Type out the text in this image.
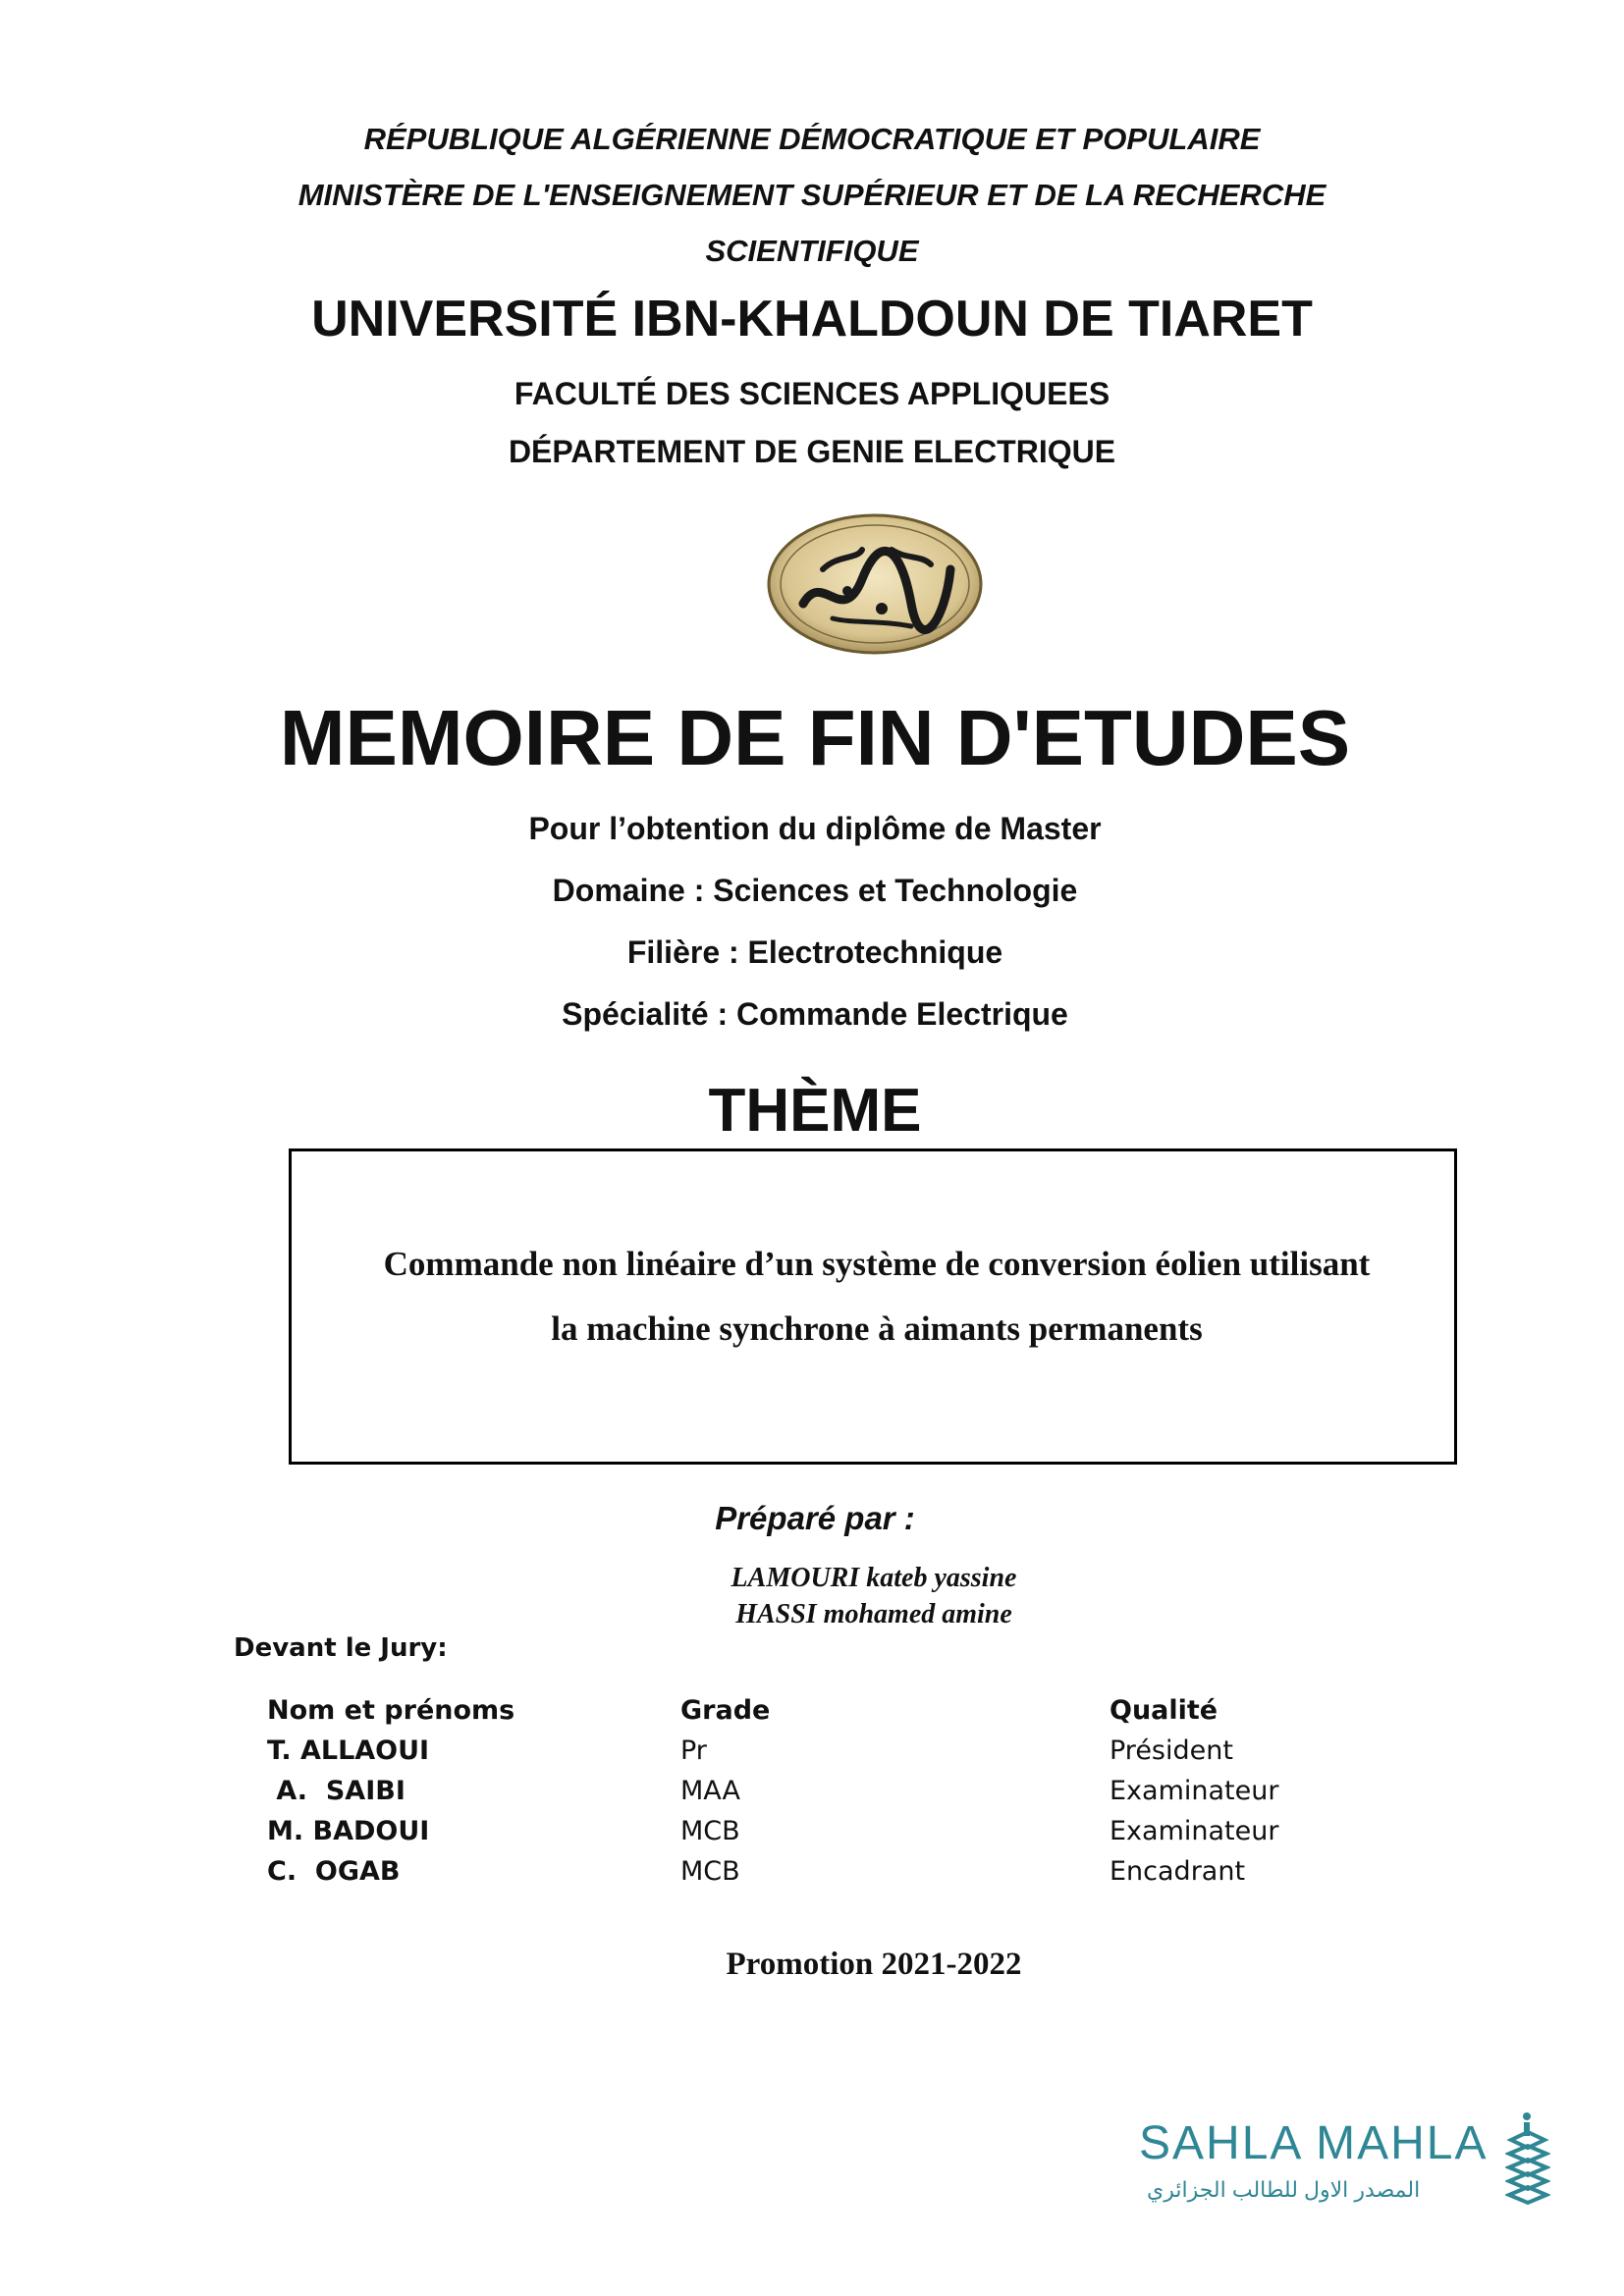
RÉPUBLIQUE ALGÉRIENNE DÉMOCRATIQUE ET POPULAIRE
MINISTÈRE DE L'ENSEIGNEMENT SUPÉRIEUR ET DE LA RECHERCHE
SCIENTIFIQUE
UNIVERSITÉ IBN-KHALDOUN DE TIARET
FACULTÉ DES SCIENCES APPLIQUEES
DÉPARTEMENT DE GENIE ELECTRIQUE
MEMOIRE DE FIN D'ETUDES
Pour l’obtention du diplôme de Master
Domaine : Sciences et Technologie
Filière : Electrotechnique
Spécialité : Commande Electrique
THÈME
Commande non linéaire d’un système de conversion éolien utilisant
la machine synchrone à aimants permanents
Préparé par :
LAMOURI kateb yassine
HASSI mohamed amine
Devant le Jury:
Nom et prénoms	Grade	Qualité
T. ALLAOUI	Pr	Président
A.  SAIBI	MAA	Examinateur
M. BADOUI	MCB	Examinateur
C.  OGAB	MCB	Encadrant
Promotion 2021-2022
SAHLA MAHLA
المصدر الاول للطالب الجزائري
